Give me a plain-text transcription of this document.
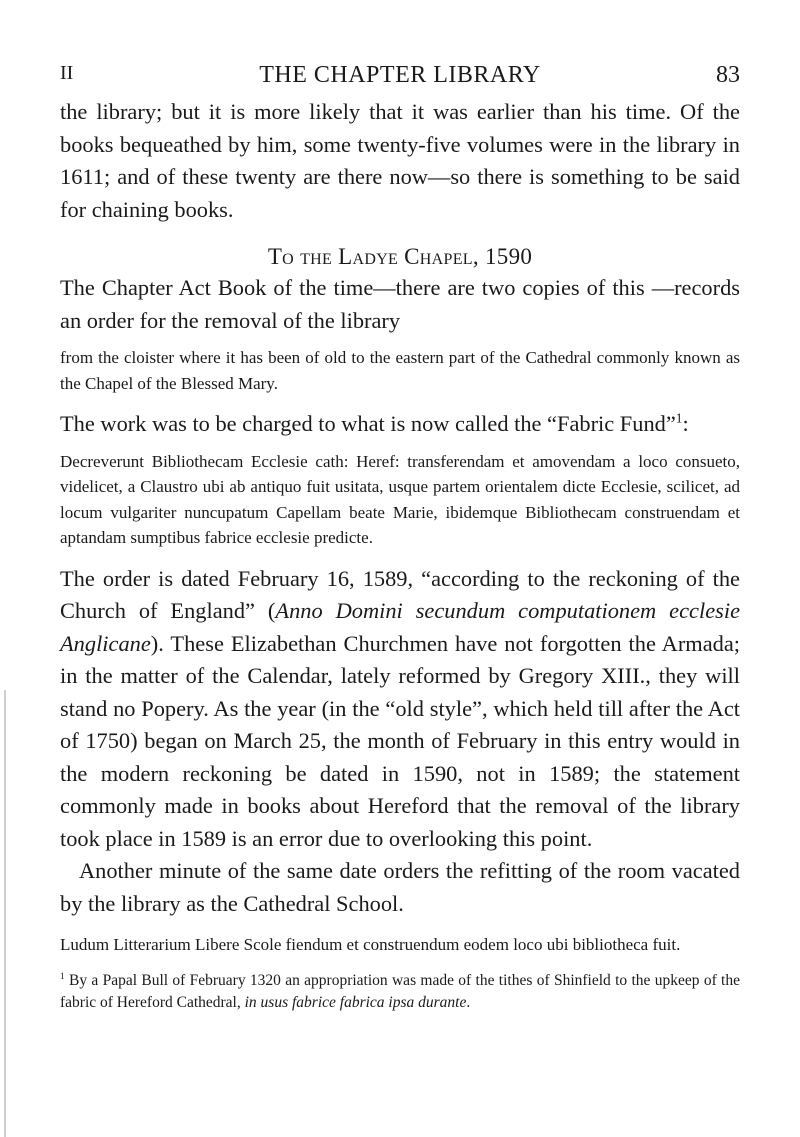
II	THE CHAPTER LIBRARY	83

the library; but it is more likely that it was earlier than his time. Of the books bequeathed by him, some twenty-five volumes were in the library in 1611; and of these twenty are there now—so there is something to be said for chaining books.

To the Ladye Chapel, 1590

The Chapter Act Book of the time—there are two copies of this —records an order for the removal of the library

from the cloister where it has been of old to the eastern part of the Cathedral commonly known as the Chapel of the Blessed Mary.

The work was to be charged to what is now called the “Fabric Fund”$^1$:

Decreverunt Bibliothecam Ecclesie cath: Heref: transferendam et amovendam a loco consueto, videlicet, a Claustro ubi ab antiquo fuit usitata, usque partem orientalem dicte Ecclesie, scilicet, ad locum vulgariter nuncupatum Capellam beate Marie, ibidemque Bibliothecam construendam et aptandam sumptibus fabrice ecclesie predicte.

The order is dated February 16, 1589, “according to the reckoning of the Church of England” (Anno Domini secundum computationem ecclesie Anglicane). These Elizabethan Churchmen have not forgotten the Armada; in the matter of the Calendar, lately reformed by Gregory XIII., they will stand no Popery. As the year (in the “old style”, which held till after the Act of 1750) began on March 25, the month of February in this entry would in the modern reckoning be dated in 1590, not in 1589; the statement commonly made in books about Hereford that the removal of the library took place in 1589 is an error due to overlooking this point.

Another minute of the same date orders the refitting of the room vacated by the library as the Cathedral School.

Ludum Litterarium Libere Scole fiendum et construendum eodem loco ubi bibliotheca fuit.

$^1$ By a Papal Bull of February 1320 an appropriation was made of the tithes of Shinfield to the upkeep of the fabric of Hereford Cathedral, in usus fabrice fabrica ipsa durante.
